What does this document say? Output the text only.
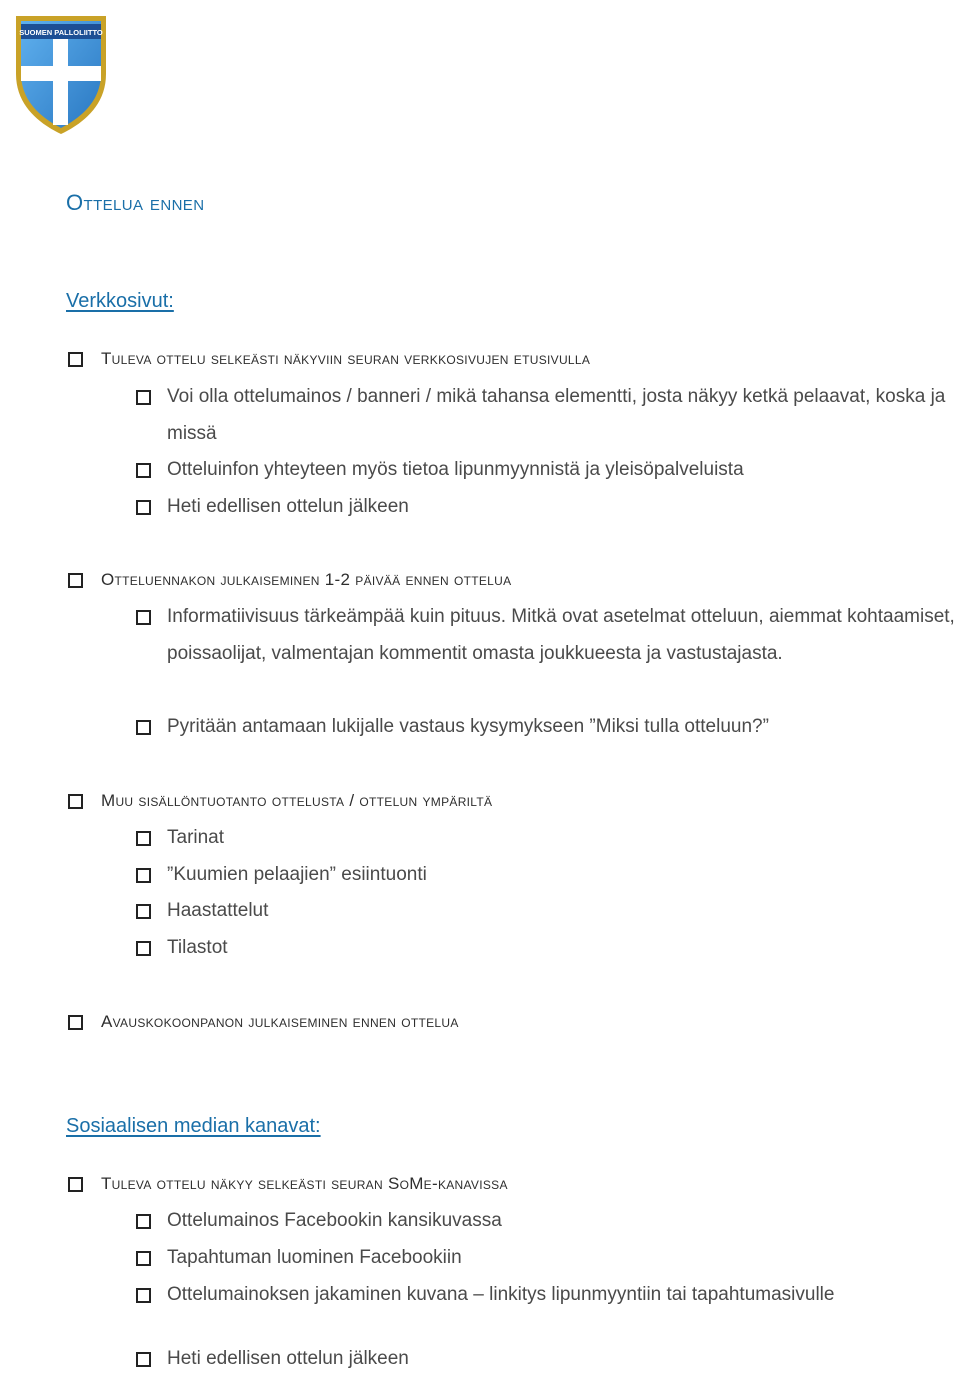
SUOMEN PALLOLIITTO
Ottelua ennen
Verkkosivut:
Tuleva ottelu selkeästi näkyviin seuran verkkosivujen etusivulla
Voi olla ottelumainos / banneri / mikä tahansa elementti, josta näkyy ketkä pelaavat, koska ja missä
Otteluinfon yhteyteen myös tietoa lipunmyynnistä ja yleisöpalveluista
Heti edellisen ottelun jälkeen
Otteluennakon julkaiseminen 1-2 päivää ennen ottelua
Informatiivisuus tärkeämpää kuin pituus. Mitkä ovat asetelmat otteluun, aiemmat kohtaamiset, poissaolijat, valmentajan kommentit omasta joukkueesta ja vastustajasta.
Pyritään antamaan lukijalle vastaus kysymykseen ”Miksi tulla otteluun?”
Muu sisällöntuotanto ottelusta / ottelun ympäriltä
Tarinat
”Kuumien pelaajien” esiintuonti
Haastattelut
Tilastot
Avauskokoonpanon julkaiseminen ennen ottelua
Sosiaalisen median kanavat:
Tuleva ottelu näkyy selkeästi seuran SoMe-kanavissa
Ottelumainos Facebookin kansikuvassa
Tapahtuman luominen Facebookiin
Ottelumainoksen jakaminen kuvana – linkitys lipunmyyntiin tai tapahtumasivulle
Heti edellisen ottelun jälkeen
